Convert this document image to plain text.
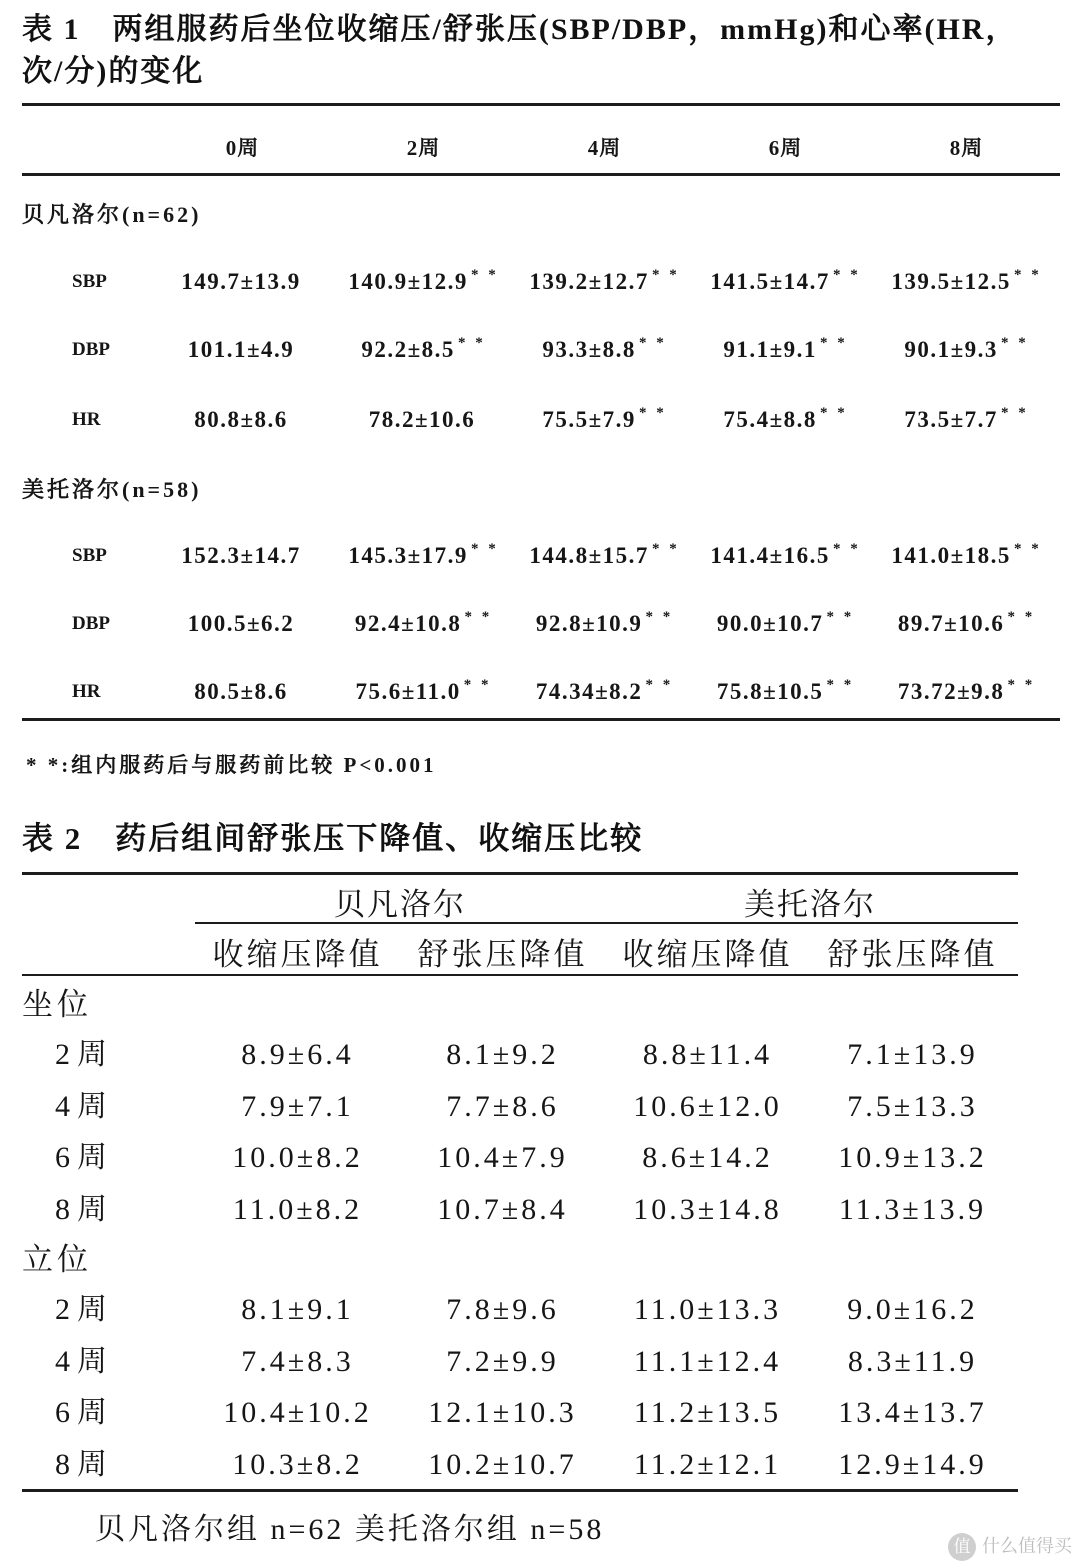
表 1　两组服药后坐位收缩压/舒张压(SBP/DBP，mmHg)和心率(HR，
次/分)的变化
0周	2周	4周	6周	8周
贝凡洛尔(n=62)
SBP	149.7±13.9	140.9±12.9 * *	139.2±12.7 * *	141.5±14.7 * *	139.5±12.5 * *
DBP	101.1±4.9	92.2±8.5 * *	93.3±8.8 * *	91.1±9.1 * *	90.1±9.3 * *
HR	80.8±8.6	78.2±10.6	75.5±7.9 * *	75.4±8.8 * *	73.5±7.7 * *
美托洛尔(n=58)
SBP	152.3±14.7	145.3±17.9 * *	144.8±15.7 * *	141.4±16.5 * *	141.0±18.5 * *
DBP	100.5±6.2	92.4±10.8 * *	92.8±10.9 * *	90.0±10.7 * *	89.7±10.6 * *
HR	80.5±8.6	75.6±11.0 * *	74.34±8.2 * *	75.8±10.5 * *	73.72±9.8 * *
* *:组内服药后与服药前比较 P<0.001
表 2　药后组间舒张压下降值、收缩压比较
贝凡洛尔	美托洛尔
收缩压降值	舒张压降值	收缩压降值	舒张压降值
坐位
2周	8.9±6.4	8.1±9.2	8.8±11.4	7.1±13.9
4周	7.9±7.1	7.7±8.6	10.6±12.0	7.5±13.3
6周	10.0±8.2	10.4±7.9	8.6±14.2	10.9±13.2
8周	11.0±8.2	10.7±8.4	10.3±14.8	11.3±13.9
立位
2周	8.1±9.1	7.8±9.6	11.0±13.3	9.0±16.2
4周	7.4±8.3	7.2±9.9	11.1±12.4	8.3±11.9
6周	10.4±10.2	12.1±10.3	11.2±13.5	13.4±13.7
8周	10.3±8.2	10.2±10.7	11.2±12.1	12.9±14.9
贝凡洛尔组 n=62 美托洛尔组 n=58
值 什么值得买
